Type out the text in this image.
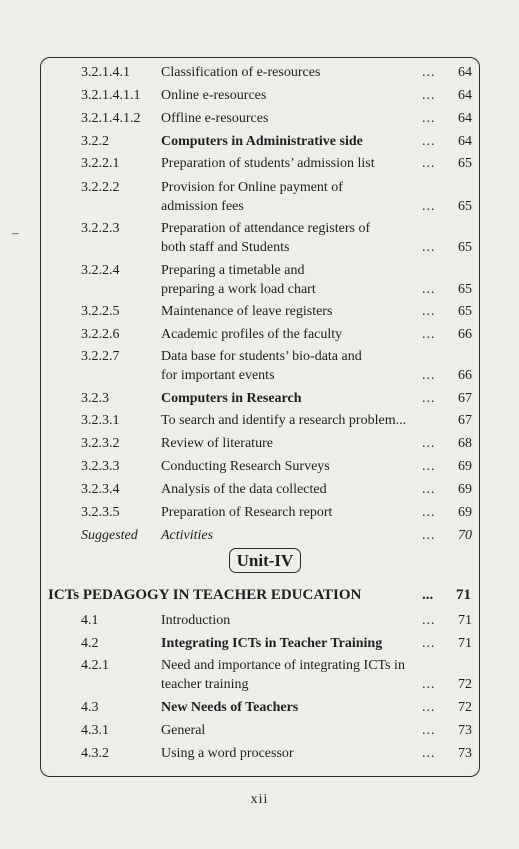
–
3.2.1.4.1 Classification of e-resources	... 64
3.2.1.4.1.1 Online e-resources	... 64
3.2.1.4.1.2 Offline e-resources	... 64
3.2.2	Computers in Administrative side	... 64
3.2.2.1	Preparation of students’ admission list	... 65
3.2.2.2	Provision for Online payment of
admission fees	... 65
3.2.2.3	Preparation of attendance registers of
both staff and Students	... 65
3.2.2.4	Preparing a timetable and
preparing a work load chart	... 65
3.2.2.5	Maintenance of leave registers	... 65
3.2.2.6	Academic profiles of the faculty	... 66
3.2.2.7	Data base for students’ bio-data and
for important events	... 66
3.2.3	Computers in Research	... 67
3.2.3.1	To search and identify a research problem...	67
3.2.3.2	Review of literature	... 68
3.2.3.3	Conducting Research Surveys	... 69
3.2.3.4	Analysis of the data collected	... 69
3.2.3.5	Preparation of Research report	... 69
Suggested Activities	... 70
Unit-IV
ICTs PEDAGOGY IN TEACHER EDUCATION	... 71
4.1	Introduction	... 71
4.2	Integrating ICTs in Teacher Training	... 71
4.2.1	Need and importance of integrating ICTs in
teacher training	... 72
4.3	New Needs of Teachers	... 72
4.3.1	General	... 73
4.3.2	Using a word processor	... 73
xii
